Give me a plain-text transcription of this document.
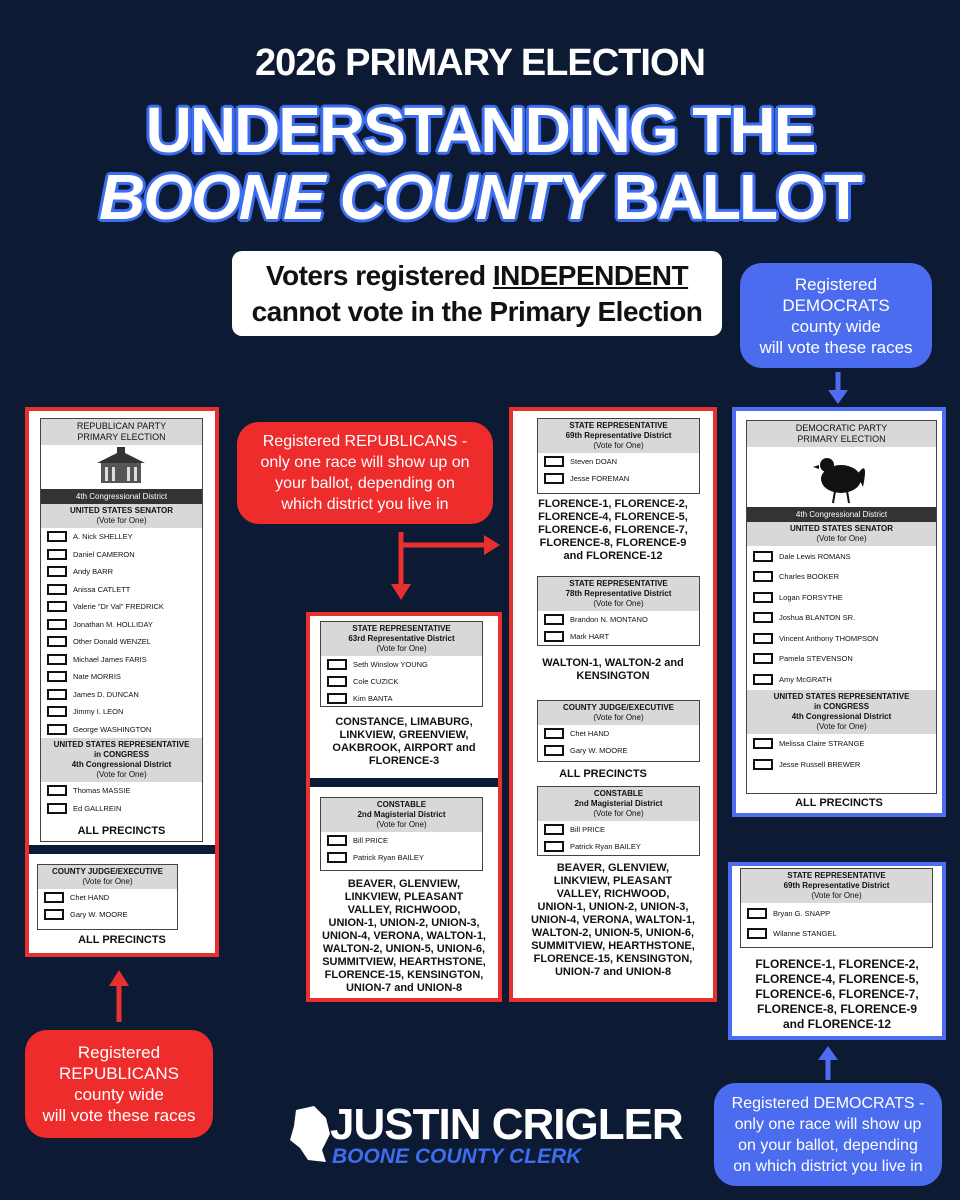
2026 PRIMARY ELECTION
UNDERSTANDING THE
BOONE COUNTY BALLOT
Voters registered INDEPENDENT
cannot vote in the Primary Election
Registered
DEMOCRATS
county wide
will vote these races
Registered REPUBLICANS -
only one race will show up on
your ballot, depending on
which district you live in
Registered
REPUBLICANS
county wide
will vote these races
Registered DEMOCRATS -
only one race will show up
on your ballot, depending
on which district you live in
REPUBLICAN PARTY
PRIMARY ELECTION
4th Congressional District
UNITED STATES SENATOR
(Vote for One)
A. Nick SHELLEY
Daniel CAMERON
Andy BARR
Anissa CATLETT
Valerie "Dr Val" FREDRICK
Jonathan M. HOLLIDAY
Other Donald WENZEL
Michael James FARIS
Nate MORRIS
James D. DUNCAN
Jimmy I. LEON
George WASHINGTON
UNITED STATES REPRESENTATIVE
in CONGRESS
4th Congressional District
(Vote for One)
Thomas MASSIE
Ed GALLREIN
ALL PRECINCTS
COUNTY JUDGE/EXECUTIVE
(Vote for One)
Chet HAND
Gary W. MOORE
ALL PRECINCTS
STATE REPRESENTATIVE
63rd Representative District
(Vote for One)
Seth Winslow YOUNG
Cole CUZICK
Kim BANTA
CONSTANCE, LIMABURG,
LINKVIEW, GREENVIEW,
OAKBROOK, AIRPORT and
FLORENCE-3
CONSTABLE
2nd Magisterial District
(Vote for One)
Bill PRICE
Patrick Ryan BAILEY
BEAVER, GLENVIEW,
LINKVIEW, PLEASANT
VALLEY, RICHWOOD,
UNION-1, UNION-2, UNION-3,
UNION-4, VERONA, WALTON-1,
WALTON-2, UNION-5, UNION-6,
SUMMITVIEW, HEARTHSTONE,
FLORENCE-15, KENSINGTON,
UNION-7 and UNION-8
STATE REPRESENTATIVE
69th Representative District
(Vote for One)
Steven DOAN
Jesse FOREMAN
FLORENCE-1, FLORENCE-2,
FLORENCE-4, FLORENCE-5,
FLORENCE-6, FLORENCE-7,
FLORENCE-8, FLORENCE-9
and FLORENCE-12
STATE REPRESENTATIVE
78th Representative District
(Vote for One)
Brandon N. MONTANO
Mark HART
WALTON-1, WALTON-2 and
KENSINGTON
COUNTY JUDGE/EXECUTIVE
(Vote for One)
Chet HAND
Gary W. MOORE
ALL PRECINCTS
CONSTABLE
2nd Magisterial District
(Vote for One)
Bill PRICE
Patrick Ryan BAILEY
BEAVER, GLENVIEW,
LINKVIEW, PLEASANT
VALLEY, RICHWOOD,
UNION-1, UNION-2, UNION-3,
UNION-4, VERONA, WALTON-1,
WALTON-2, UNION-5, UNION-6,
SUMMITVIEW, HEARTHSTONE,
FLORENCE-15, KENSINGTON,
UNION-7 and UNION-8
DEMOCRATIC PARTY
PRIMARY ELECTION
4th Congressional District
UNITED STATES SENATOR
(Vote for One)
Dale Lewis ROMANS
Charles BOOKER
Logan FORSYTHE
Joshua BLANTON SR.
Vincent Anthony THOMPSON
Pamela STEVENSON
Amy McGRATH
UNITED STATES REPRESENTATIVE
in CONGRESS
4th Congressional District
(Vote for One)
Melissa Claire STRANGE
Jesse Russell BREWER
ALL PRECINCTS
STATE REPRESENTATIVE
69th Representative District
(Vote for One)
Bryan G. SNAPP
Wilanne STANGEL
FLORENCE-1, FLORENCE-2,
FLORENCE-4, FLORENCE-5,
FLORENCE-6, FLORENCE-7,
FLORENCE-8, FLORENCE-9
and FLORENCE-12
JUSTIN CRIGLER
BOONE COUNTY CLERK
